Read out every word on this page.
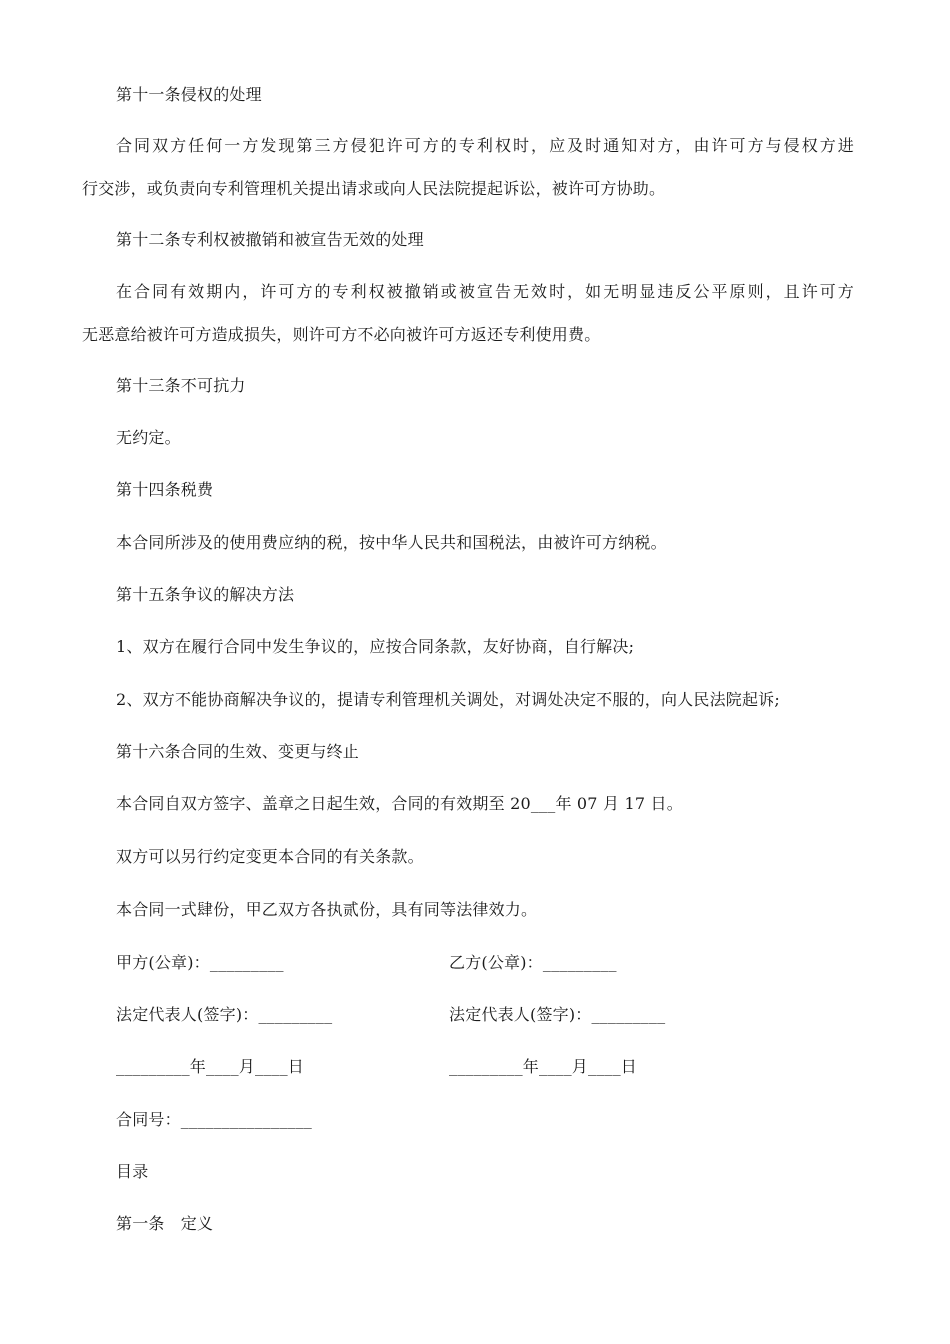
第十一条侵权的处理
合同双方任何一方发现第三方侵犯许可方的专利权时，应及时通知对方，由许可方与侵权方进
行交涉，或负责向专利管理机关提出请求或向人民法院提起诉讼，被许可方协助。
第十二条专利权被撤销和被宣告无效的处理
在合同有效期内，许可方的专利权被撤销或被宣告无效时，如无明显违反公平原则，且许可方
无恶意给被许可方造成损失，则许可方不必向被许可方返还专利使用费。
第十三条不可抗力
无约定。
第十四条税费
本合同所涉及的使用费应纳的税，按中华人民共和国税法，由被许可方纳税。
第十五条争议的解决方法
1、双方在履行合同中发生争议的，应按合同条款，友好协商，自行解决;
2、双方不能协商解决争议的，提请专利管理机关调处，对调处决定不服的，向人民法院起诉;
第十六条合同的生效、变更与终止
本合同自双方签字、盖章之日起生效，合同的有效期至 20___年 07 月 17 日。
双方可以另行约定变更本合同的有关条款。
本合同一式肆份，甲乙双方各执贰份，具有同等法律效力。
甲方(公章)：_________	乙方(公章)：_________
法定代表人(签字)：_________	法定代表人(签字)：_________
_________年____月____日	_________年____月____日
合同号：________________
目录
第一条　定义
